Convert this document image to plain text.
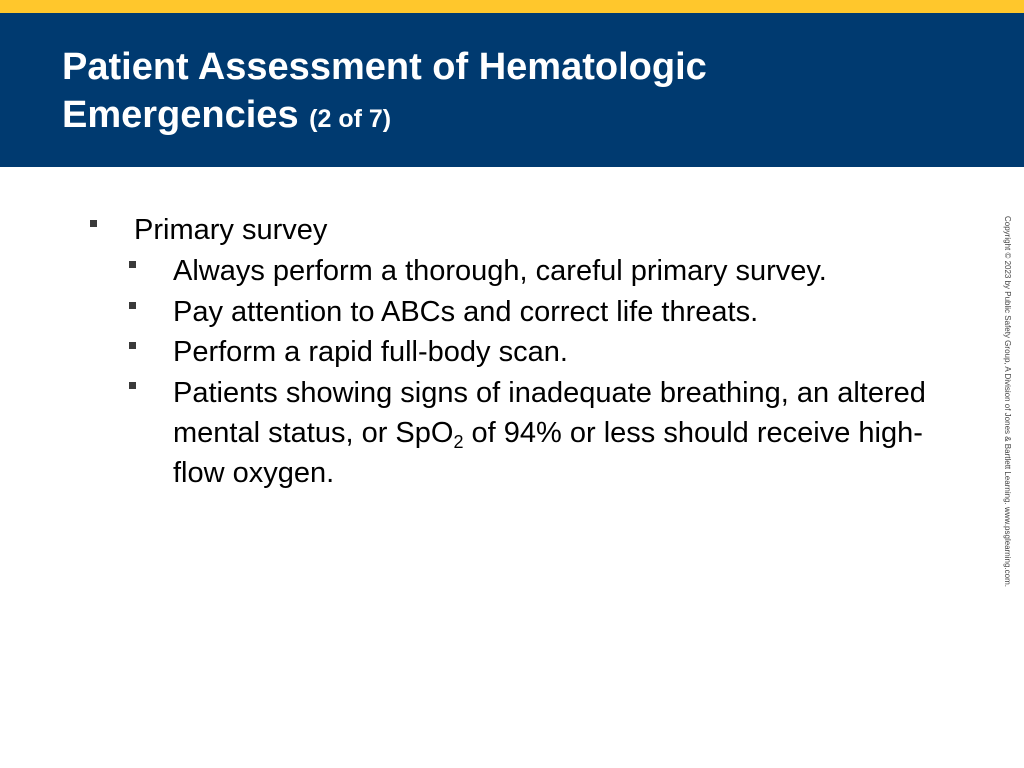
Patient Assessment of Hematologic Emergencies (2 of 7)
Primary survey
Always perform a thorough, careful primary survey.
Pay attention to ABCs and correct life threats.
Perform a rapid full-body scan.
Patients showing signs of inadequate breathing, an altered mental status, or SpO$_2$ of 94% or less should receive high-flow oxygen.	Copyright © 2023 by Public Safety Group, A Division of Jones & Bartlett Learning. www.psglearning.com.
